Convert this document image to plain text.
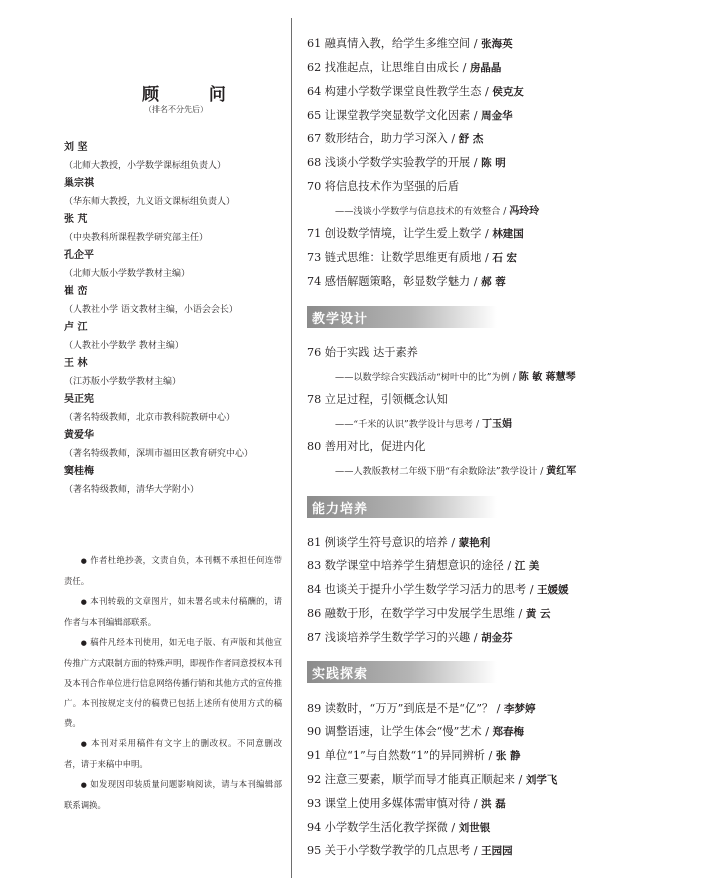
顾 问
（排名不分先后）
刘 坚
（北师大教授，小学数学课标组负责人）
巢宗祺
（华东师大教授，九义语文课标组负责人）
张 芃
（中央教科所课程教学研究部主任）
孔企平
（北师大版小学数学教材主编）
崔 峦
（人教社小学 语文教材主编，小语会会长）
卢 江
（人教社小学数学 教材主编）
王 林
（江苏版小学数学教材主编）
吴正宪
（著名特级教师，北京市教科院教研中心）
黄爱华
（著名特级教师，深圳市福田区教育研究中心）
窦桂梅
（著名特级教师，清华大学附小）

● 作者杜绝抄袭，文责自负，本刊概不承担任何连带责任。

● 本刊转载的文章图片，如未署名或未付稿酬的，请作者与本刊编辑部联系。

● 稿件凡经本刊使用，如无电子版、有声版和其他宣传推广方式限制方面的特殊声明，即视作作者同意授权本刊及本刊合作单位进行信息网络传播行销和其他方式的宣传推广。本刊按规定支付的稿费已包括上述所有使用方式的稿费。

● 本刊对采用稿件有文字上的删改权。不同意删改者，请于来稿中申明。

● 如发现因印装质量问题影响阅读，请与本刊编辑部联系调换。

61 融真情入教，给学生多维空间 / 张海英
62 找准起点，让思维自由成长 / 房晶晶
64 构建小学数学课堂良性教学生态 / 侯克友
65 让课堂教学突显数学文化因素 / 周金华
67 数形结合，助力学习深入 / 舒 杰
68 浅谈小学数学实验教学的开展 / 陈 明
70 将信息技术作为坚强的后盾
——浅谈小学数学与信息技术的有效整合 / 冯玲玲
71 创设数学情境，让学生爱上数学 / 林建国
73 链式思维：让数学思维更有质地 / 石 宏
74 感悟解题策略，彰显数学魅力 / 郝 蓉
教学设计
76 始于实践 达于素养
——以数学综合实践活动“树叶中的比”为例 / 陈 敏 蒋慧琴
78 立足过程，引领概念认知
——“千米的认识”教学设计与思考 / 丁玉娟
80 善用对比，促进内化
——人教版教材二年级下册“有余数除法”教学设计 / 黄红军
能力培养
81 例谈学生符号意识的培养 / 蒙艳利
83 数学课堂中培养学生猜想意识的途径 / 江 美
84 也谈关于提升小学生数学学习活力的思考 / 王媛媛
86 融数于形，在数学学习中发展学生思维 / 黄 云
87 浅谈培养学生数学学习的兴趣 / 胡金芬
实践探索
89 读数时，“万万”到底是不是“亿”？ / 李梦婷
90 调整语速，让学生体会“慢”艺术 / 郑春梅
91 单位“1”与自然数“1”的异同辨析 / 张 静
92 注意三要素，顺学而导才能真正顺起来 / 刘学飞
93 课堂上使用多媒体需审慎对待 / 洪 磊
94 小学数学生活化教学探微 / 刘世银
95 关于小学数学教学的几点思考 / 王园园
